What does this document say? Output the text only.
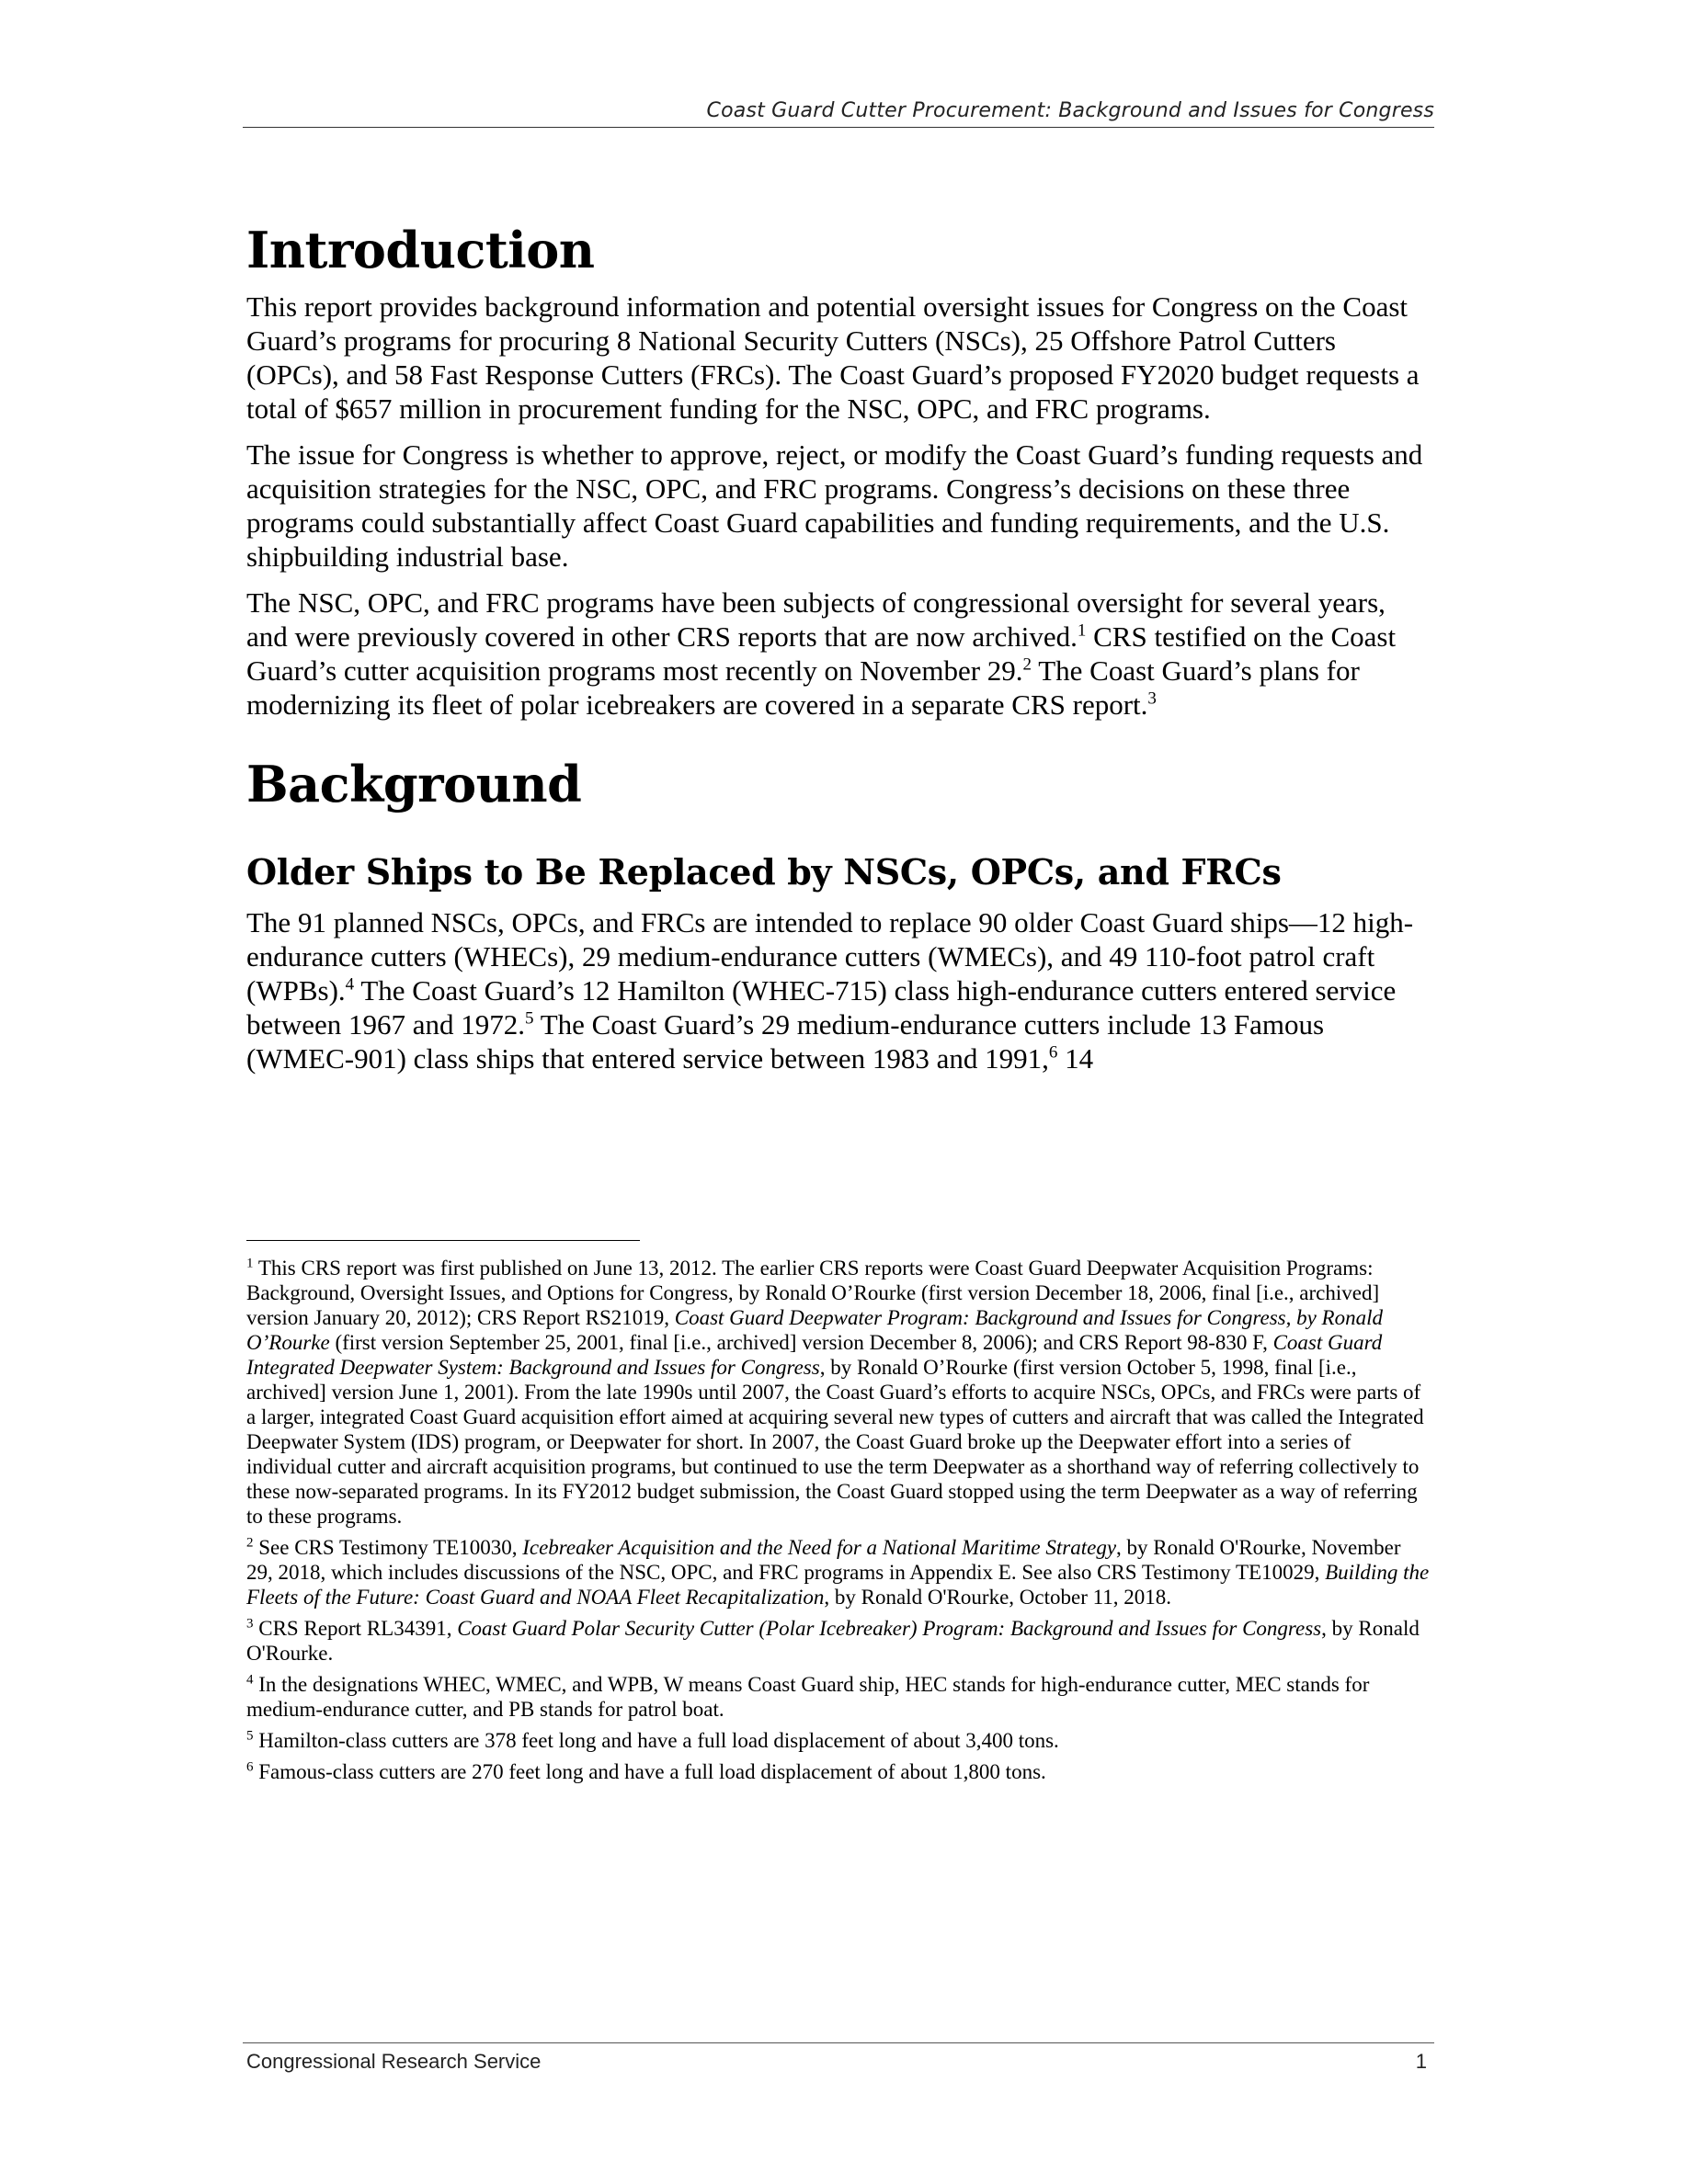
Coast Guard Cutter Procurement: Background and Issues for Congress
Introduction

This report provides background information and potential oversight issues for Congress on the Coast Guard’s programs for procuring 8 National Security Cutters (NSCs), 25 Offshore Patrol Cutters (OPCs), and 58 Fast Response Cutters (FRCs). The Coast Guard’s proposed FY2020 budget requests a total of $657 million in procurement funding for the NSC, OPC, and FRC programs.

The issue for Congress is whether to approve, reject, or modify the Coast Guard’s funding requests and acquisition strategies for the NSC, OPC, and FRC programs. Congress’s decisions on these three programs could substantially affect Coast Guard capabilities and funding requirements, and the U.S. shipbuilding industrial base.

The NSC, OPC, and FRC programs have been subjects of congressional oversight for several years, and were previously covered in other CRS reports that are now archived.$^1$ CRS testified on the Coast Guard’s cutter acquisition programs most recently on November 29.$^2$ The Coast Guard’s plans for modernizing its fleet of polar icebreakers are covered in a separate CRS report.$^3$

Background
Older Ships to Be Replaced by NSCs, OPCs, and FRCs

The 91 planned NSCs, OPCs, and FRCs are intended to replace 90 older Coast Guard ships—12 high-endurance cutters (WHECs), 29 medium-endurance cutters (WMECs), and 49 110-foot patrol craft (WPBs).$^4$ The Coast Guard’s 12 Hamilton (WHEC-715) class high-endurance cutters entered service between 1967 and 1972.$^5$ The Coast Guard’s 29 medium-endurance cutters include 13 Famous (WMEC-901) class ships that entered service between 1983 and 1991,$^6$ 14

$^1$ This CRS report was first published on June 13, 2012. The earlier CRS reports were Coast Guard Deepwater Acquisition Programs: Background, Oversight Issues, and Options for Congress, by Ronald O’Rourke (first version December 18, 2006, final [i.e., archived] version January 20, 2012); CRS Report RS21019, Coast Guard Deepwater Program: Background and Issues for Congress, by Ronald O’Rourke (first version September 25, 2001, final [i.e., archived] version December 8, 2006); and CRS Report 98-830 F, Coast Guard Integrated Deepwater System: Background and Issues for Congress, by Ronald O’Rourke (first version October 5, 1998, final [i.e., archived] version June 1, 2001). From the late 1990s until 2007, the Coast Guard’s efforts to acquire NSCs, OPCs, and FRCs were parts of a larger, integrated Coast Guard acquisition effort aimed at acquiring several new types of cutters and aircraft that was called the Integrated Deepwater System (IDS) program, or Deepwater for short. In 2007, the Coast Guard broke up the Deepwater effort into a series of individual cutter and aircraft acquisition programs, but continued to use the term Deepwater as a shorthand way of referring collectively to these now-separated programs. In its FY2012 budget submission, the Coast Guard stopped using the term Deepwater as a way of referring to these programs.

$^2$ See CRS Testimony TE10030, Icebreaker Acquisition and the Need for a National Maritime Strategy, by Ronald O'Rourke, November 29, 2018, which includes discussions of the NSC, OPC, and FRC programs in Appendix E. See also CRS Testimony TE10029, Building the Fleets of the Future: Coast Guard and NOAA Fleet Recapitalization, by Ronald O'Rourke, October 11, 2018.

$^3$ CRS Report RL34391, Coast Guard Polar Security Cutter (Polar Icebreaker) Program: Background and Issues for Congress, by Ronald O'Rourke.

$^4$ In the designations WHEC, WMEC, and WPB, W means Coast Guard ship, HEC stands for high-endurance cutter, MEC stands for medium-endurance cutter, and PB stands for patrol boat.

$^5$ Hamilton-class cutters are 378 feet long and have a full load displacement of about 3,400 tons.

$^6$ Famous-class cutters are 270 feet long and have a full load displacement of about 1,800 tons.

Congressional Research Service	1
